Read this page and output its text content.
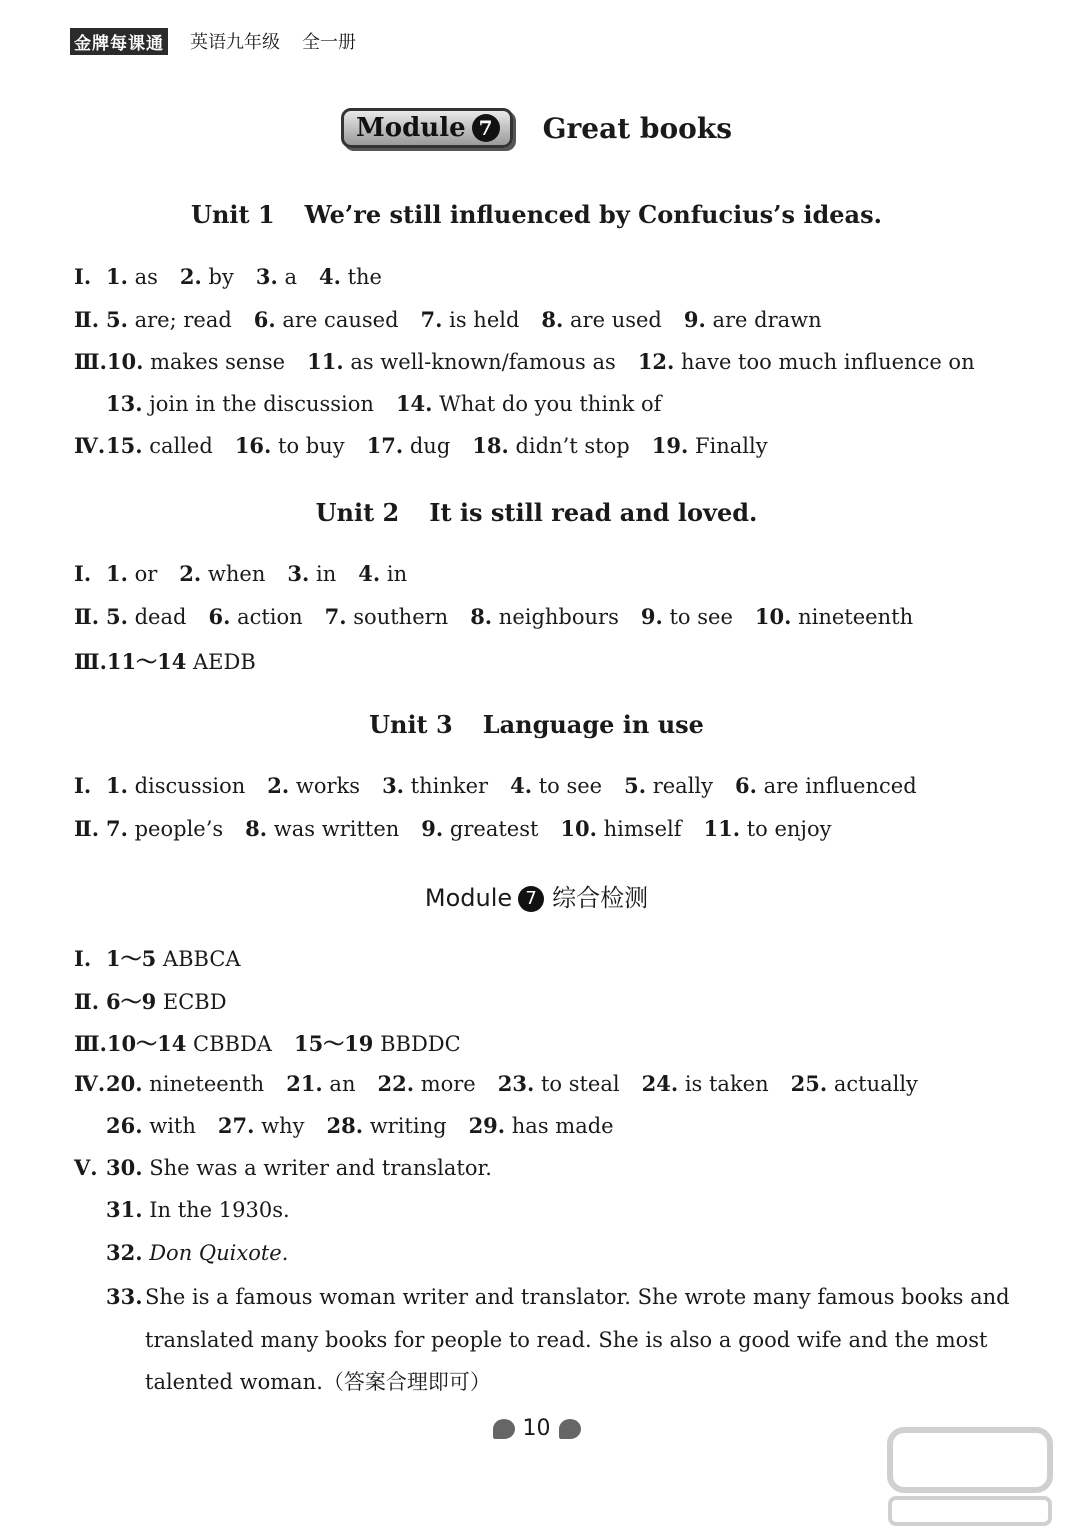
金牌每课通 英语九年级 全一册
Module 7 Great books
Unit 1 We’re still influenced by Confucius’s ideas.
Ⅰ. 1. as 2. by 3. a 4. the
Ⅱ. 5. are; read 6. are caused 7. is held 8. are used 9. are drawn
Ⅲ.10. makes sense 11. as well-known/famous as 12. have too much influence on
13. join in the discussion 14. What do you think of
Ⅳ.15. called 16. to buy 17. dug 18. didn’t stop 19. Finally
Unit 2 It is still read and loved.
Ⅰ. 1. or 2. when 3. in 4. in
Ⅱ. 5. dead 6. action 7. southern 8. neighbours 9. to see 10. nineteenth
Ⅲ.11～14 AEDB
Unit 3 Language in use
Ⅰ. 1. discussion 2. works 3. thinker 4. to see 5. really 6. are influenced
Ⅱ. 7. people’s 8. was written 9. greatest 10. himself 11. to enjoy
Ⅰ. 1～5 ABBCA
Ⅱ. 6～9 ECBD
Ⅲ.10～14 CBBDA 15～19 BBDDC
Ⅳ.20. nineteenth 21. an 22. more 23. to steal 24. is taken 25. actually
26. with 27. why 28. writing 29. has made
Ⅴ. 30. She was a writer and translator.
31. In the 1930s.
32. Don Quixote.
Module 7 综合检测
33. She is a famous woman writer and translator. She wrote many famous books and translated many books for people to read. She is also a good wife and the most talented woman.（答案合理即可）
10
